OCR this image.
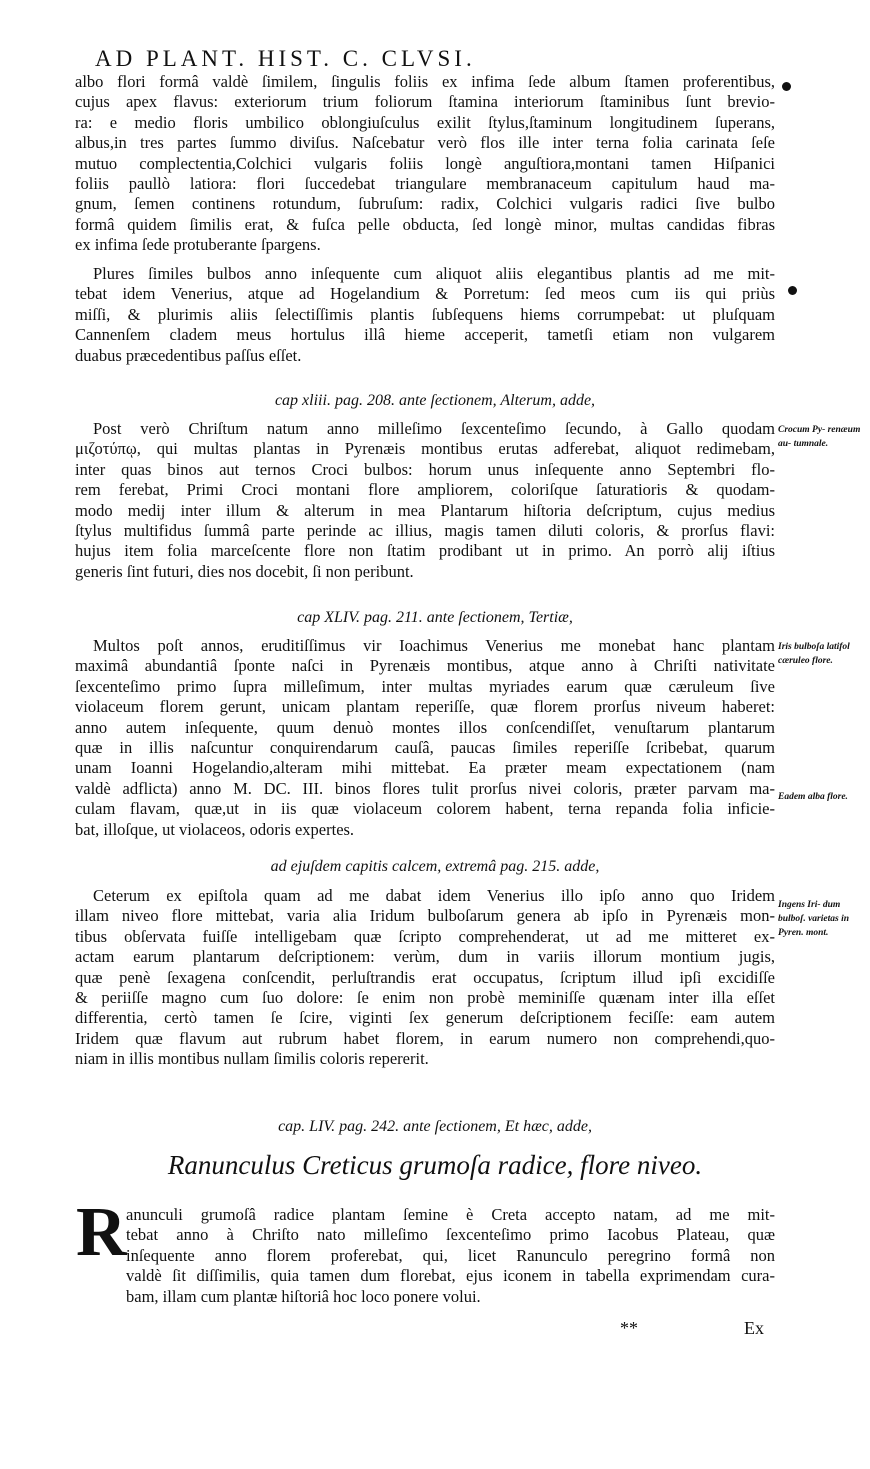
AD PLANT. HIST. C. CLVSI.
albo flori formâ valdè ſimilem, ſingulis foliis ex infima ſede album ſtamen proferentibus,
cujus apex flavus: exteriorum trium foliorum ſtamina interiorum ſtaminibus ſunt brevio-
ra: e medio floris umbilico oblongiuſculus exilit ſtylus,ſtaminum longitudinem ſuperans,
albus,in tres partes ſummo diviſus. Naſcebatur verò flos ille inter terna folia carinata ſeſe
mutuo complectentia,Colchici vulgaris foliis longè anguſtiora,montani tamen Hiſpanici
foliis paullò latiora: flori ſuccedebat triangulare membranaceum capitulum haud ma-
gnum, ſemen continens rotundum, ſubruſum: radix, Colchici vulgaris radici ſive bulbo
formâ quidem ſimilis erat, & fuſca pelle obducta, ſed longè minor, multas candidas fibras
ex infima ſede protuberante ſpargens.
Plures ſimiles bulbos anno inſequente cum aliquot aliis elegantibus plantis ad me mit-
tebat idem Venerius, atque ad Hogelandium & Porretum: ſed meos cum iis qui priùs
miſſi, & plurimis aliis ſelectiſſimis plantis ſubſequens hiems corrumpebat: ut pluſquam
Cannenſem cladem meus hortulus illâ hieme acceperit, tametſi etiam non vulgarem
duabus præcedentibus paſſus eſſet.
cap xliii. pag. 208. ante ſectionem, Alterum, adde,
Post verò Chriſtum natum anno milleſimo ſexcenteſimo ſecundo, à Gallo quodam
μιζοτύπῳ, qui multas plantas in Pyrenæis montibus erutas adferebat, aliquot redimebam,
inter quas binos aut ternos Croci bulbos: horum unus inſequente anno Septembri flo-
rem ferebat, Primi Croci montani flore ampliorem, coloriſque ſaturatioris & quodam-
modo medij inter illum & alterum in mea Plantarum hiſtoria deſcriptum, cujus medius
ſtylus multifidus ſummâ parte perinde ac illius, magis tamen diluti coloris, & prorſus flavi:
hujus item folia marceſcente flore non ſtatim prodibant ut in primo. An porrò alij iſtius
generis ſint futuri, dies nos docebit, ſi non peribunt.
Crocum Py- renæum au- tumnale.
cap XLIV. pag. 211. ante ſectionem, Tertiæ,
Multos poſt annos, eruditiſſimus vir Ioachimus Venerius me monebat hanc plantam
maximâ abundantiâ ſponte naſci in Pyrenæis montibus, atque anno à Chriſti nativitate
ſexcenteſimo primo ſupra milleſimum, inter multas myriades earum quæ cæruleum ſive
violaceum florem gerunt, unicam plantam reperiſſe, quæ florem prorſus niveum haberet:
anno autem inſequente, quum denuò montes illos conſcendiſſet, venuſtarum plantarum
quæ in illis naſcuntur conquirendarum cauſâ, paucas ſimiles reperiſſe ſcribebat, quarum
unam Ioanni Hogelandio,alteram mihi mittebat. Ea præter meam expectationem (nam
valdè adflicta) anno M. DC. III. binos flores tulit prorſus nivei coloris, præter parvam ma-
culam flavam, quæ,ut in iis quæ violaceum colorem habent, terna repanda folia inficie-
bat, illoſque, ut violaceos, odoris expertes.
Iris bulboſa latifol cæruleo flore.
Eadem alba flore.
ad ejuſdem capitis calcem, extremâ pag. 215. adde,
Ceterum ex epiſtola quam ad me dabat idem Venerius illo ipſo anno quo Iridem
illam niveo flore mittebat, varia alia Iridum bulboſarum genera ab ipſo in Pyrenæis mon-
tibus obſervata fuiſſe intelligebam quæ ſcripto comprehenderat, ut ad me mitteret ex-
actam earum plantarum deſcriptionem: verùm, dum in variis illorum montium jugis,
quæ penè ſexagena conſcendit, perluſtrandis erat occupatus, ſcriptum illud ipſi excidiſſe
& periiſſe magno cum ſuo dolore: ſe enim non probè meminiſſe quænam inter illa eſſet
differentia, certò tamen ſe ſcire, viginti ſex generum deſcriptionem feciſſe: eam autem
Iridem quæ flavum aut rubrum habet florem, in earum numero non comprehendi,quo-
niam in illis montibus nullam ſimilis coloris repererit.
Ingens Iri- dum bulboſ. varietas in Pyren. mont.
cap. LIV. pag. 242. ante ſectionem, Et hæc, adde,
Ranunculus Creticus grumoſa radice, flore niveo.
R anunculi grumoſâ radice plantam ſemine è Creta accepto natam, ad me mit-
tebat anno à Chriſto nato milleſimo ſexcenteſimo primo Iacobus Plateau, quæ
inſequente anno florem proferebat, qui, licet Ranunculo peregrino formâ non
valdè ſit diſſimilis, quia tamen dum florebat, ejus iconem in tabella exprimendam cura-
bam, illam cum plantæ hiſtoriâ hoc loco ponere volui.
**	Ex
